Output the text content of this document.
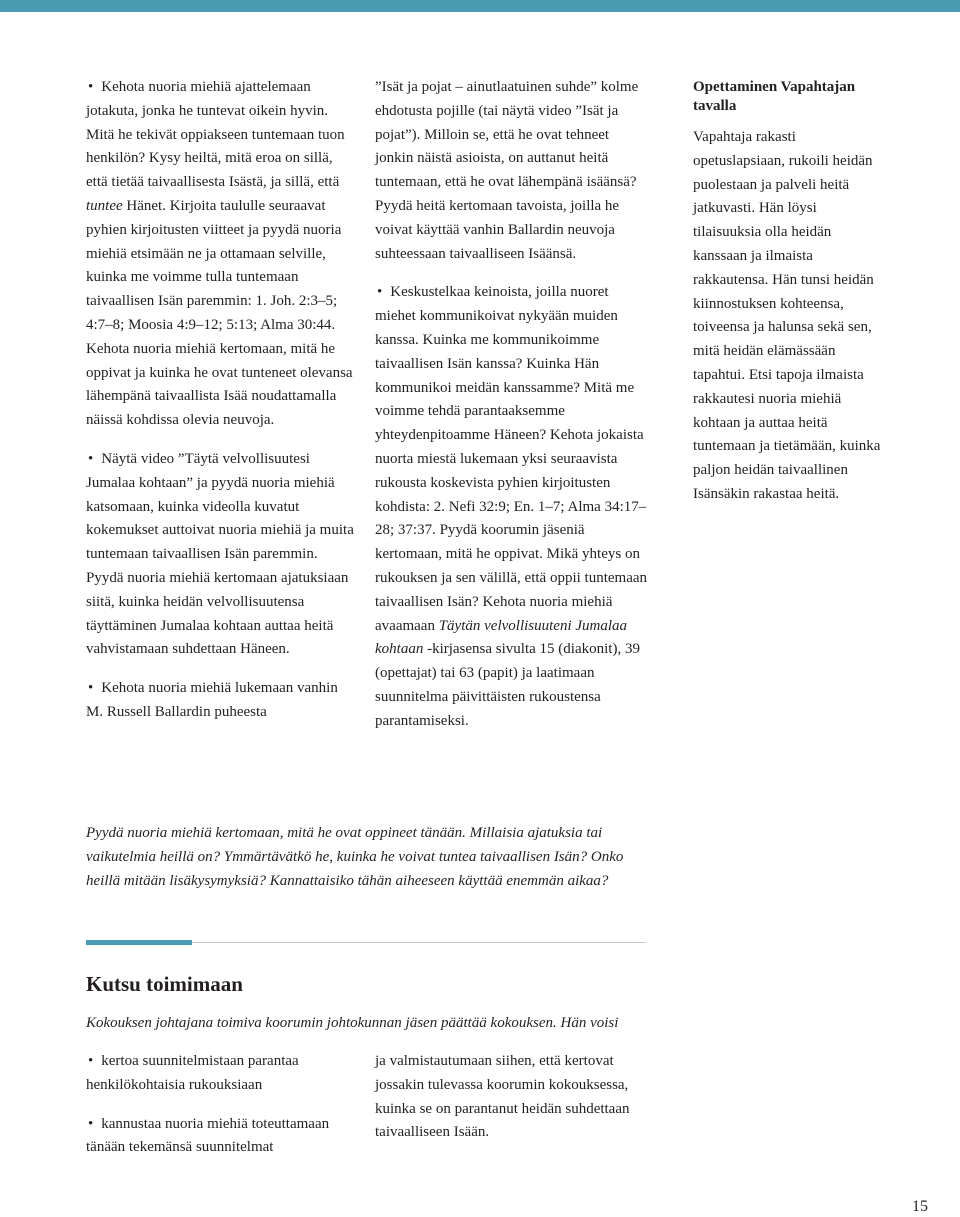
• Kehota nuoria miehiä ajattelemaan jotakuta, jonka he tuntevat oikein hyvin. Mitä he tekivät oppiakseen tuntemaan tuon henkilön? Kysy heiltä, mitä eroa on sillä, että tietää taivaallisesta Isästä, ja sillä, että tuntee Hänet. Kirjoita taululle seuraavat pyhien kirjoitusten viitteet ja pyydä nuoria miehiä etsimään ne ja ottamaan selville, kuinka me voimme tulla tuntemaan taivaallisen Isän paremmin: 1. Joh. 2:3–5; 4:7–8; Moosia 4:9–12; 5:13; Alma 30:44. Kehota nuoria miehiä kertomaan, mitä he oppivat ja kuinka he ovat tunteneet olevansa lähempänä taivaallista Isää noudattamalla näissä kohdissa olevia neuvoja.

• Näytä video ”Täytä velvollisuutesi Jumalaa kohtaan” ja pyydä nuoria miehiä katsomaan, kuinka videolla kuvatut kokemukset auttoivat nuoria miehiä ja muita tuntemaan taivaallisen Isän paremmin. Pyydä nuoria miehiä kertomaan ajatuksiaan siitä, kuinka heidän velvollisuutensa täyttäminen Jumalaa kohtaan auttaa heitä vahvistamaan suhdettaan Häneen.

• Kehota nuoria miehiä lukemaan vanhin M. Russell Ballardin puheesta

”Isät ja pojat – ainutlaatuinen suhde” kolme ehdotusta pojille (tai näytä video ”Isät ja pojat”). Milloin se, että he ovat tehneet jonkin näistä asioista, on auttanut heitä tuntemaan, että he ovat lähempänä isäänsä? Pyydä heitä kertomaan tavoista, joilla he voivat käyttää vanhin Ballardin neuvoja suhteessaan taivaalliseen Isäänsä.

• Keskustelkaa keinoista, joilla nuoret miehet kommunikoivat nykyään muiden kanssa. Kuinka me kommunikoimme taivaallisen Isän kanssa? Kuinka Hän kommunikoi meidän kanssamme? Mitä me voimme tehdä parantaaksemme yhteydenpitoamme Häneen? Kehota jokaista nuorta miestä lukemaan yksi seuraavista rukousta koskevista pyhien kirjoitusten kohdista: 2. Nefi 32:9; En. 1–7; Alma 34:17–28; 37:37. Pyydä koorumin jäseniä kertomaan, mitä he oppivat. Mikä yhteys on rukouksen ja sen välillä, että oppii tuntemaan taivaallisen Isän? Kehota nuoria miehiä avaamaan Täytän velvollisuuteni Jumalaa kohtaan -kirjasensa sivulta 15 (diakonit), 39 (opettajat) tai 63 (papit) ja laatimaan suunnitelma päivittäisten rukoustensa parantamiseksi.

Opettaminen Vapahtajan tavalla
Vapahtaja rakasti opetuslapsiaan, rukoili heidän puolestaan ja palveli heitä jatkuvasti. Hän löysi tilaisuuksia olla heidän kanssaan ja ilmaista rakkautensa. Hän tunsi heidän kiinnostuksen kohteensa, toiveensa ja halunsa sekä sen, mitä heidän elämässään tapahtui. Etsi tapoja ilmaista rakkautesi nuoria miehiä kohtaan ja auttaa heitä tuntemaan ja tietämään, kuinka paljon heidän taivaallinen Isänsäkin rakastaa heitä.
Pyydä nuoria miehiä kertomaan, mitä he ovat oppineet tänään. Millaisia ajatuksia tai vaikutelmia heillä on? Ymmärtävätkö he, kuinka he voivat tuntea taivaallisen Isän? Onko heillä mitään lisäkysymyksiä? Kannattaisiko tähän aiheeseen käyttää enemmän aikaa?
Kutsu toimimaan
Kokouksen johtajana toimiva koorumin johtokunnan jäsen päättää kokouksen. Hän voisi

• kertoa suunnitelmistaan parantaa henkilökohtaisia rukouksiaan

• kannustaa nuoria miehiä toteuttamaan tänään tekemänsä suunnitelmat

ja valmistautumaan siihen, että kertovat jossakin tulevassa koorumin kokouksessa, kuinka se on parantanut heidän suhdettaan taivaalliseen Isään.

15
